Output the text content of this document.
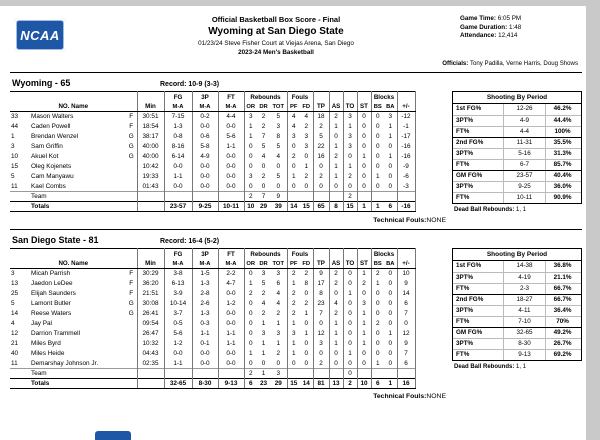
NCAA
Official Basketball Box Score - Final
Wyoming at San Diego State
01/23/24 Steve Fisher Court at Viejas Arena, San Diego
2023-24 Men's Basketball
Game Time: 6:05 PM
Game Duration: 1:48
Attendance: 12,414
Officials: Tony Padilla, Verne Harris, Doug Shows
Wyoming - 65	Record: 10-9 (3-3)
NO. Name			Min	FG	3P	FT	Rebounds			Fouls		TP	AS	TO	ST	Blocks		+/-
				M-A	M-A	M-A	OR	DR	TOT	PF	FD					BS	BA	
33	Mason Walters	F	30:51	7-15	0-2	4-4	3	2	5	4	4	18	2	3	0	0	3	-12
44	Caden Powell	F	18:54	1-3	0-0	0-0	1	2	3	4	2	2	1	1	0	0	1	-1
1	Brendan Wenzel	G	38:17	0-8	0-6	5-6	1	7	8	3	3	5	0	3	0	0	1	-17
3	Sam Griffin	G	40:00	8-16	5-8	1-1	0	5	5	0	3	22	1	3	0	0	0	-16
10	Akuel Kot	G	40:00	6-14	4-9	0-0	0	4	4	2	0	16	2	0	1	0	1	-16
15	Oleg Kojenets		10:42	0-0	0-0	0-0	0	0	0	0	1	0	1	1	0	0	0	-9
5	Cam Manyawu		19:33	1-1	0-0	0-0	3	2	5	1	2	2	1	2	0	1	0	-6
11	Kael Combs		01:43	0-0	0-0	0-0	0	0	0	0	0	0	0	0	0	0	0	-3
	Team						2	7	9					2				
	Totals			23-57	9-25	10-11	10	29	39	14	15	65	8	15	1	1	6	-16
Shooting By Period
1st FG%	12-26	46.2%
3PT%	4-9	44.4%
FT%	4-4	100%
2nd FG%	11-31	35.5%
3PT%	5-16	31.3%
FT%	6-7	85.7%
GM FG%	23-57	40.4%
3PT%	9-25	36.0%
FT%	10-11	90.9%
Dead Ball Rebounds: 1, 1
Technical Fouls:NONE
San Diego State - 81	Record: 16-4 (5-2)
NO. Name			Min	FG	3P	FT	Rebounds			Fouls		TP	AS	TO	ST	Blocks		+/-
				M-A	M-A	M-A	OR	DR	TOT	PF	FD					BS	BA	
3	Micah Parrish	F	30:29	3-8	1-5	2-2	0	3	3	2	2	9	2	0	1	2	0	10
13	Jaedon LeDee	F	36:20	6-13	1-3	4-7	1	5	6	1	8	17	2	0	2	1	0	9
25	Elijah Saunders	F	21:51	3-9	2-8	0-0	2	2	4	2	0	8	0	1	0	0	0	14
5	Lamont Butler	G	30:08	10-14	2-6	1-2	0	4	4	2	2	23	4	0	3	0	0	6
14	Reese Waters	G	26:41	3-7	1-3	0-0	0	2	2	2	1	7	2	0	1	0	0	7
4	Jay Pal		09:54	0-5	0-3	0-0	0	1	1	1	0	0	1	0	1	2	0	0
12	Darrion Trammell		26:47	5-6	1-1	1-1	0	3	3	3	1	12	1	0	1	0	1	12
21	Miles Byrd		10:32	1-2	0-1	1-1	0	1	1	1	0	3	1	0	1	0	0	9
40	Miles Heide		04:43	0-0	0-0	0-0	1	1	2	1	0	0	0	1	0	0	0	7
11	Demarshay Johnson Jr.		02:35	1-1	0-0	0-0	0	0	0	0	0	2	0	0	0	1	0	6
	Team						2	1	3					0				
	Totals			32-65	8-30	9-13	6	23	29	15	14	81	13	2	10	6	1	16
Shooting By Period
1st FG%	14-38	36.8%
3PT%	4-19	21.1%
FT%	2-3	66.7%
2nd FG%	18-27	66.7%
3PT%	4-11	36.4%
FT%	7-10	70%
GM FG%	32-65	49.2%
3PT%	8-30	26.7%
FT%	9-13	69.2%
Dead Ball Rebounds: 1, 1
Technical Fouls:NONE
